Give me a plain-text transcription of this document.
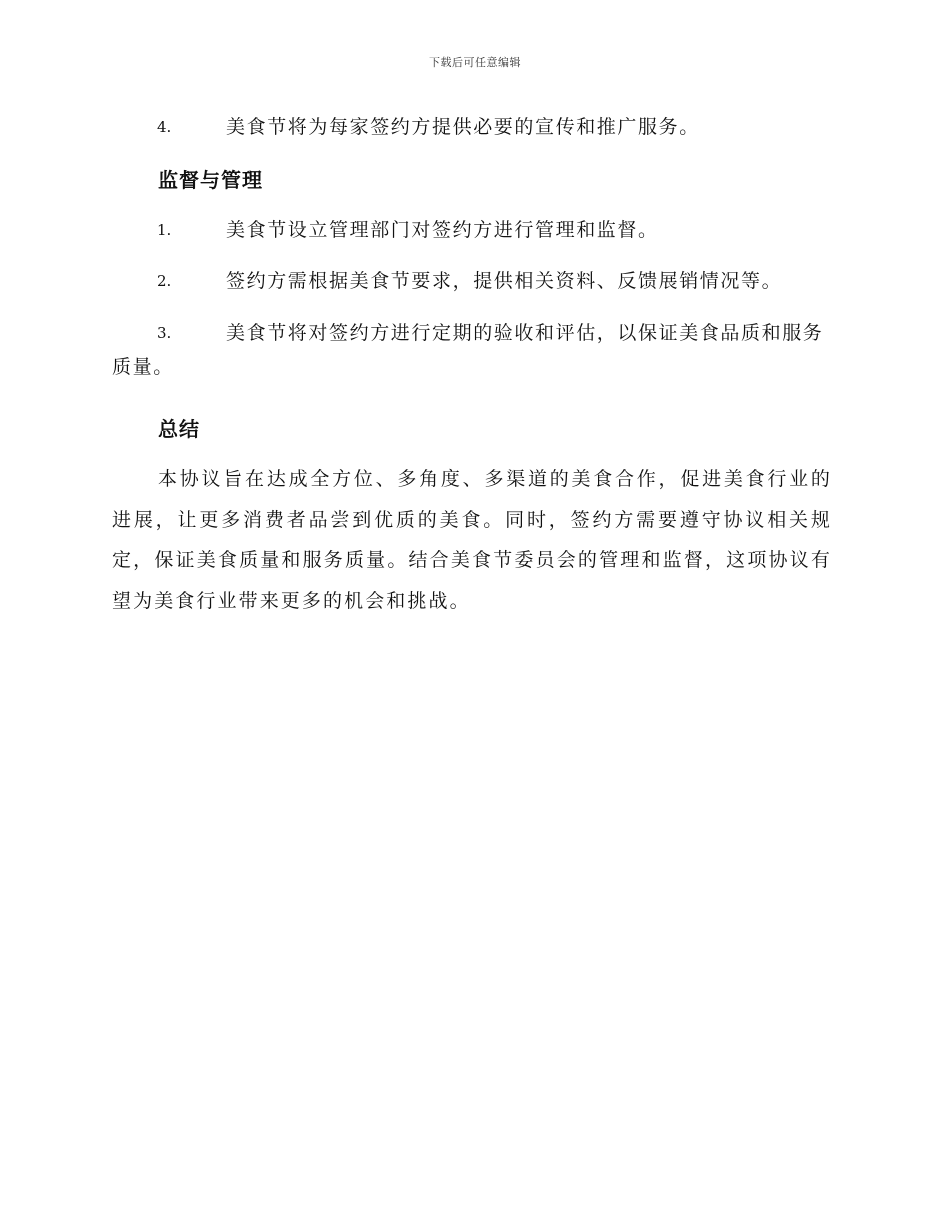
下载后可任意编辑
4.	美食节将为每家签约方提供必要的宣传和推广服务。
监督与管理
1.	美食节设立管理部门对签约方进行管理和监督。
2.	签约方需根据美食节要求，提供相关资料、反馈展销情况等。
3.	美食节将对签约方进行定期的验收和评估，以保证美食品质和服务质量。
总结
本协议旨在达成全方位、多角度、多渠道的美食合作，促进美食行业的进展，让更多消费者品尝到优质的美食。同时，签约方需要遵守协议相关规定，保证美食质量和服务质量。结合美食节委员会的管理和监督，这项协议有望为美食行业带来更多的机会和挑战。
